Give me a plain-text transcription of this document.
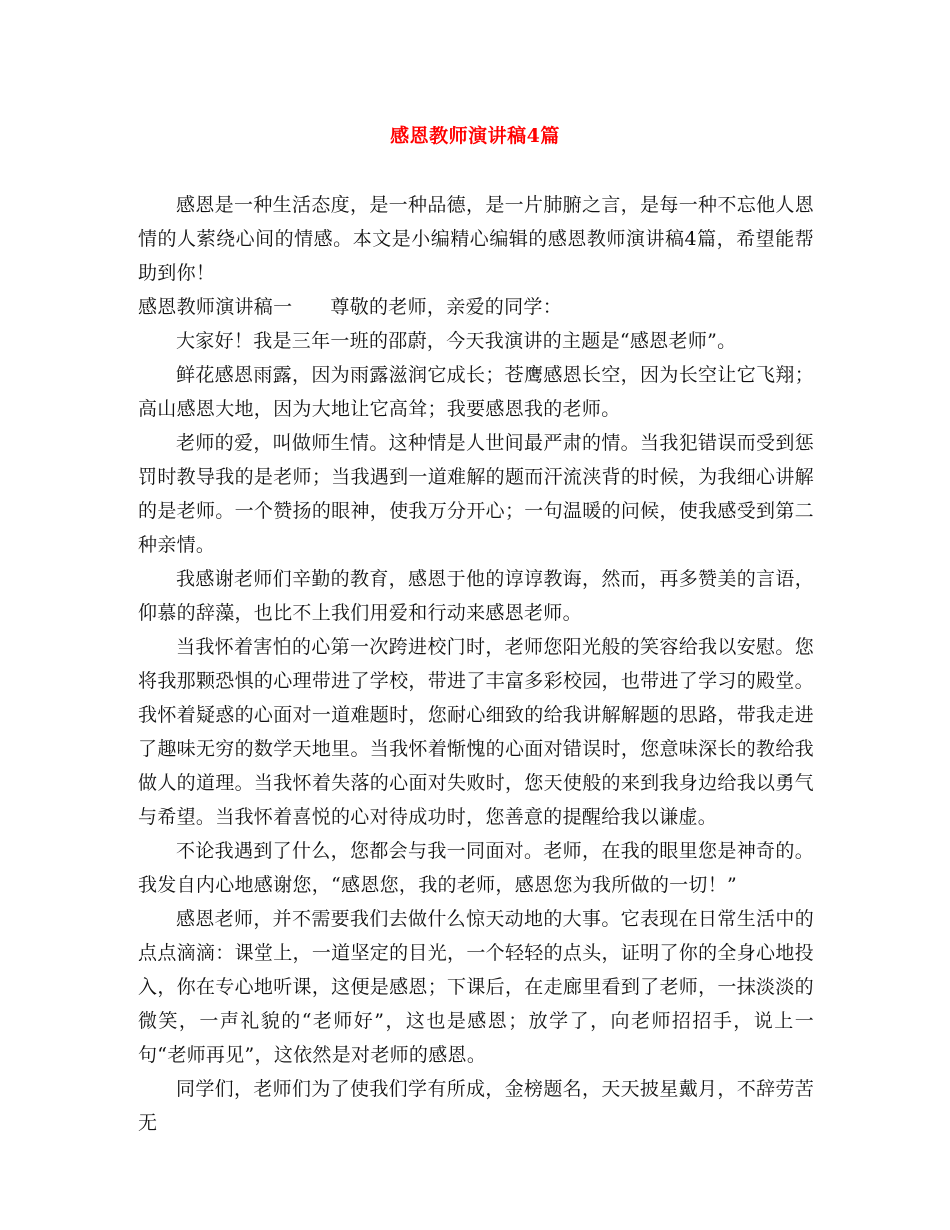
感恩教师演讲稿4篇

感恩是一种生活态度，是一种品德，是一片肺腑之言，是每一种不忘他人恩情的人萦绕心间的情感。本文是小编精心编辑的感恩教师演讲稿4篇，希望能帮助到你！

感恩教师演讲稿一 尊敬的老师，亲爱的同学：

大家好！我是三年一班的邵蔚，今天我演讲的主题是“感恩老师”。

鲜花感恩雨露，因为雨露滋润它成长；苍鹰感恩长空，因为长空让它飞翔；高山感恩大地，因为大地让它高耸；我要感恩我的老师。

老师的爱，叫做师生情。这种情是人世间最严肃的情。当我犯错误而受到惩罚时教导我的是老师；当我遇到一道难解的题而汗流浃背的时候，为我细心讲解的是老师。一个赞扬的眼神，使我万分开心；一句温暖的问候，使我感受到第二种亲情。

我感谢老师们辛勤的教育，感恩于他的谆谆教诲，然而，再多赞美的言语，仰慕的辞藻，也比不上我们用爱和行动来感恩老师。

当我怀着害怕的心第一次跨进校门时，老师您阳光般的笑容给我以安慰。您将我那颗恐惧的心理带进了学校，带进了丰富多彩校园，也带进了学习的殿堂。我怀着疑惑的心面对一道难题时，您耐心细致的给我讲解解题的思路，带我走进了趣味无穷的数学天地里。当我怀着惭愧的心面对错误时，您意味深长的教给我做人的道理。当我怀着失落的心面对失败时，您天使般的来到我身边给我以勇气与希望。当我怀着喜悦的心对待成功时，您善意的提醒给我以谦虚。

不论我遇到了什么，您都会与我一同面对。老师，在我的眼里您是神奇的。我发自内心地感谢您，“感恩您，我的老师，感恩您为我所做的一切！”

感恩老师，并不需要我们去做什么惊天动地的大事。它表现在日常生活中的点点滴滴：课堂上，一道坚定的目光，一个轻轻的点头，证明了你的全身心地投入，你在专心地听课，这便是感恩；下课后，在走廊里看到了老师，一抹淡淡的微笑，一声礼貌的“老师好”，这也是感恩；放学了，向老师招招手，说上一句“老师再见”，这依然是对老师的感恩。

同学们，老师们为了使我们学有所成，金榜题名，天天披星戴月，不辞劳苦无
